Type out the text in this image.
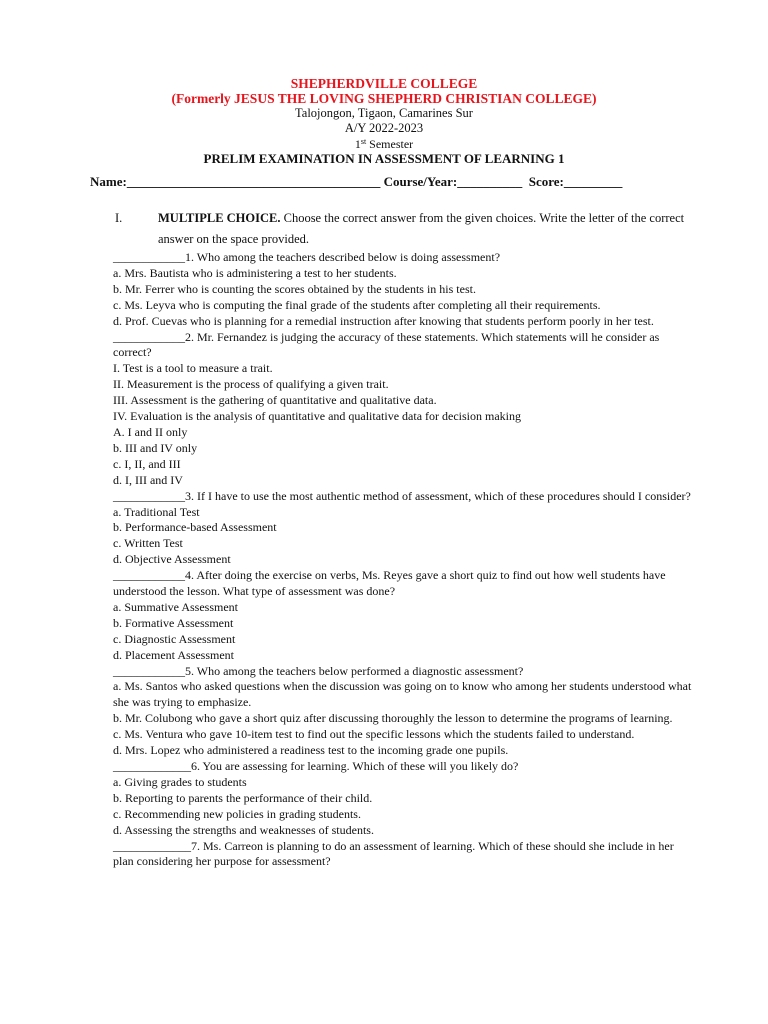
SHEPHERDVILLE COLLEGE
(Formerly JESUS THE LOVING SHEPHERD CHRISTIAN COLLEGE)
Talojongon, Tigaon, Camarines Sur
A/Y 2022-2023
1st Semester
PRELIM EXAMINATION IN ASSESSMENT OF LEARNING 1
Name:_______________________________________ Course/Year:__________ Score:_________
I.	MULTIPLE CHOICE. Choose the correct answer from the given choices. Write the letter of the correct answer on the space provided.
____________1. Who among the teachers described below is doing assessment?
a. Mrs. Bautista who is administering a test to her students.
b. Mr. Ferrer who is counting the scores obtained by the students in his test.
c. Ms. Leyva who is computing the final grade of the students after completing all their requirements.
d. Prof. Cuevas who is planning for a remedial instruction after knowing that students perform poorly in her test.
____________2. Mr. Fernandez is judging the accuracy of these statements. Which statements will he consider as correct?
I. Test is a tool to measure a trait.
II. Measurement is the process of qualifying a given trait.
III. Assessment is the gathering of quantitative and qualitative data.
IV. Evaluation is the analysis of quantitative and qualitative data for decision making
A. I and II only
b. III and IV only
c. I, II, and III
d. I, III and IV
____________3. If I have to use the most authentic method of assessment, which of these procedures should I consider?
a. Traditional Test
b. Performance-based Assessment
c. Written Test
d. Objective Assessment
____________4. After doing the exercise on verbs, Ms. Reyes gave a short quiz to find out how well students have understood the lesson. What type of assessment was done?
a. Summative Assessment
b. Formative Assessment
c. Diagnostic Assessment
d. Placement Assessment
____________5. Who among the teachers below performed a diagnostic assessment?
a. Ms. Santos who asked questions when the discussion was going on to know who among her students understood what she was trying to emphasize.
b. Mr. Colubong who gave a short quiz after discussing thoroughly the lesson to determine the programs of learning.
c. Ms. Ventura who gave 10-item test to find out the specific lessons which the students failed to understand.
d. Mrs. Lopez who administered a readiness test to the incoming grade one pupils.
_____________6. You are assessing for learning. Which of these will you likely do?
a. Giving grades to students
b. Reporting to parents the performance of their child.
c. Recommending new policies in grading students.
d. Assessing the strengths and weaknesses of students.
_____________7. Ms. Carreon is planning to do an assessment of learning. Which of these should she include in her plan considering her purpose for assessment?
